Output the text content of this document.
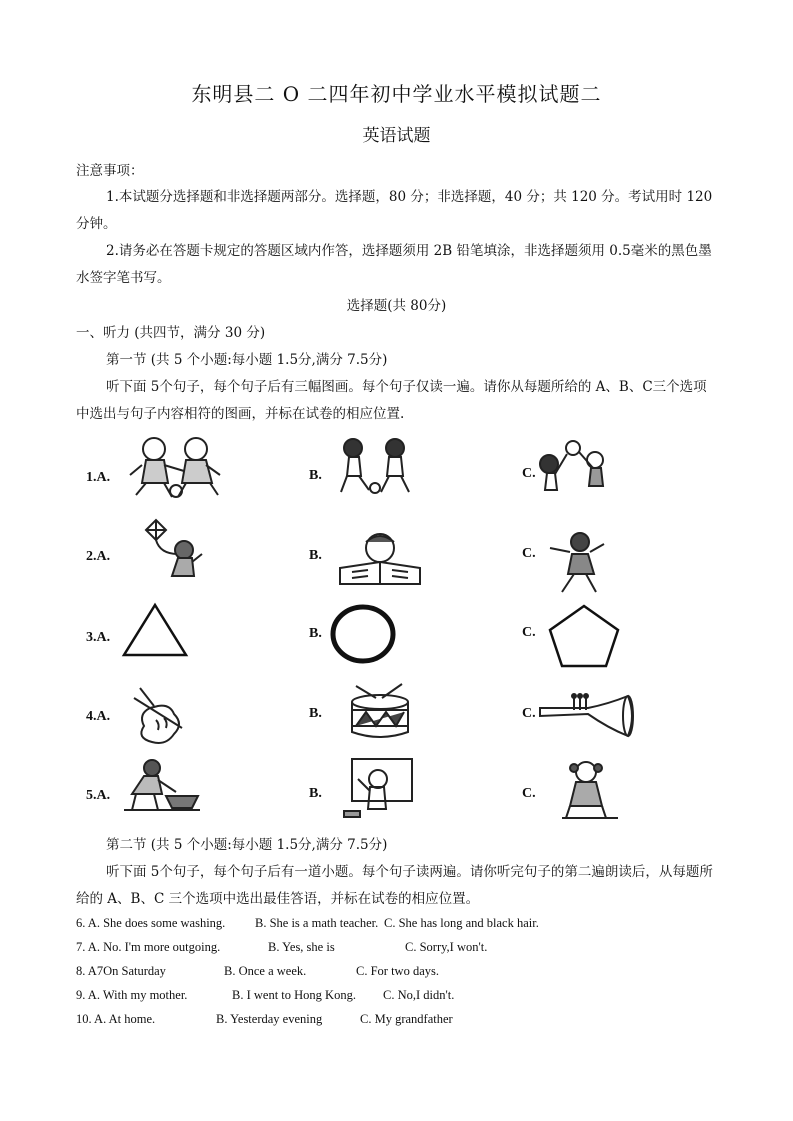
东明县二 O 二四年初中学业水平模拟试题二
英语试题
注意事项：
1.本试题分选择题和非选择题两部分。选择题，80 分；非选择题，40 分；共 120 分。考试用时 120分钟。
2.请务必在答题卡规定的答题区域内作答，选择题须用 2B 铅笔填涂，非选择题须用 0.5毫米的黑色墨水签字笔书写。
选择题(共 80分)
一、听力 (共四节，满分 30 分)
第一节 (共 5 个小题:每小题 1.5分,满分 7.5分)
听下面 5个句子，每个句子后有三幅图画。每个句子仅读一遍。请你从每题所给的 A、B、C三个选项中选出与句子内容相符的图画，并标在试卷的相应位置.
1.A.	B.	C.
2.A.	B.	C.
3.A.	B.	C.
4.A.	B.	C.
5.A.	B.	C.
第二节 (共 5 个小题:每小题 1.5分,满分 7.5分)
听下面 5个句子，每个句子后有一道小题。每个句子读两遍。请你听完句子的第二遍朗读后，从每题所给的 A、B、C 三个选项中选出最佳答语，并标在试卷的相应位置。
6. A. She does some washing. B. She is a math teacher. C. She has long and black hair.
7. A. No. I'm more outgoing.	B. Yes, she is	C. Sorry,I won't.
8. A7On Saturday	B. Once a week.	C. For two days.
9. A. With my mother.	B. I went to Hong Kong. C. No,I didn't.
10. A. At home.	B. Yesterday evening	C. My grandfather
